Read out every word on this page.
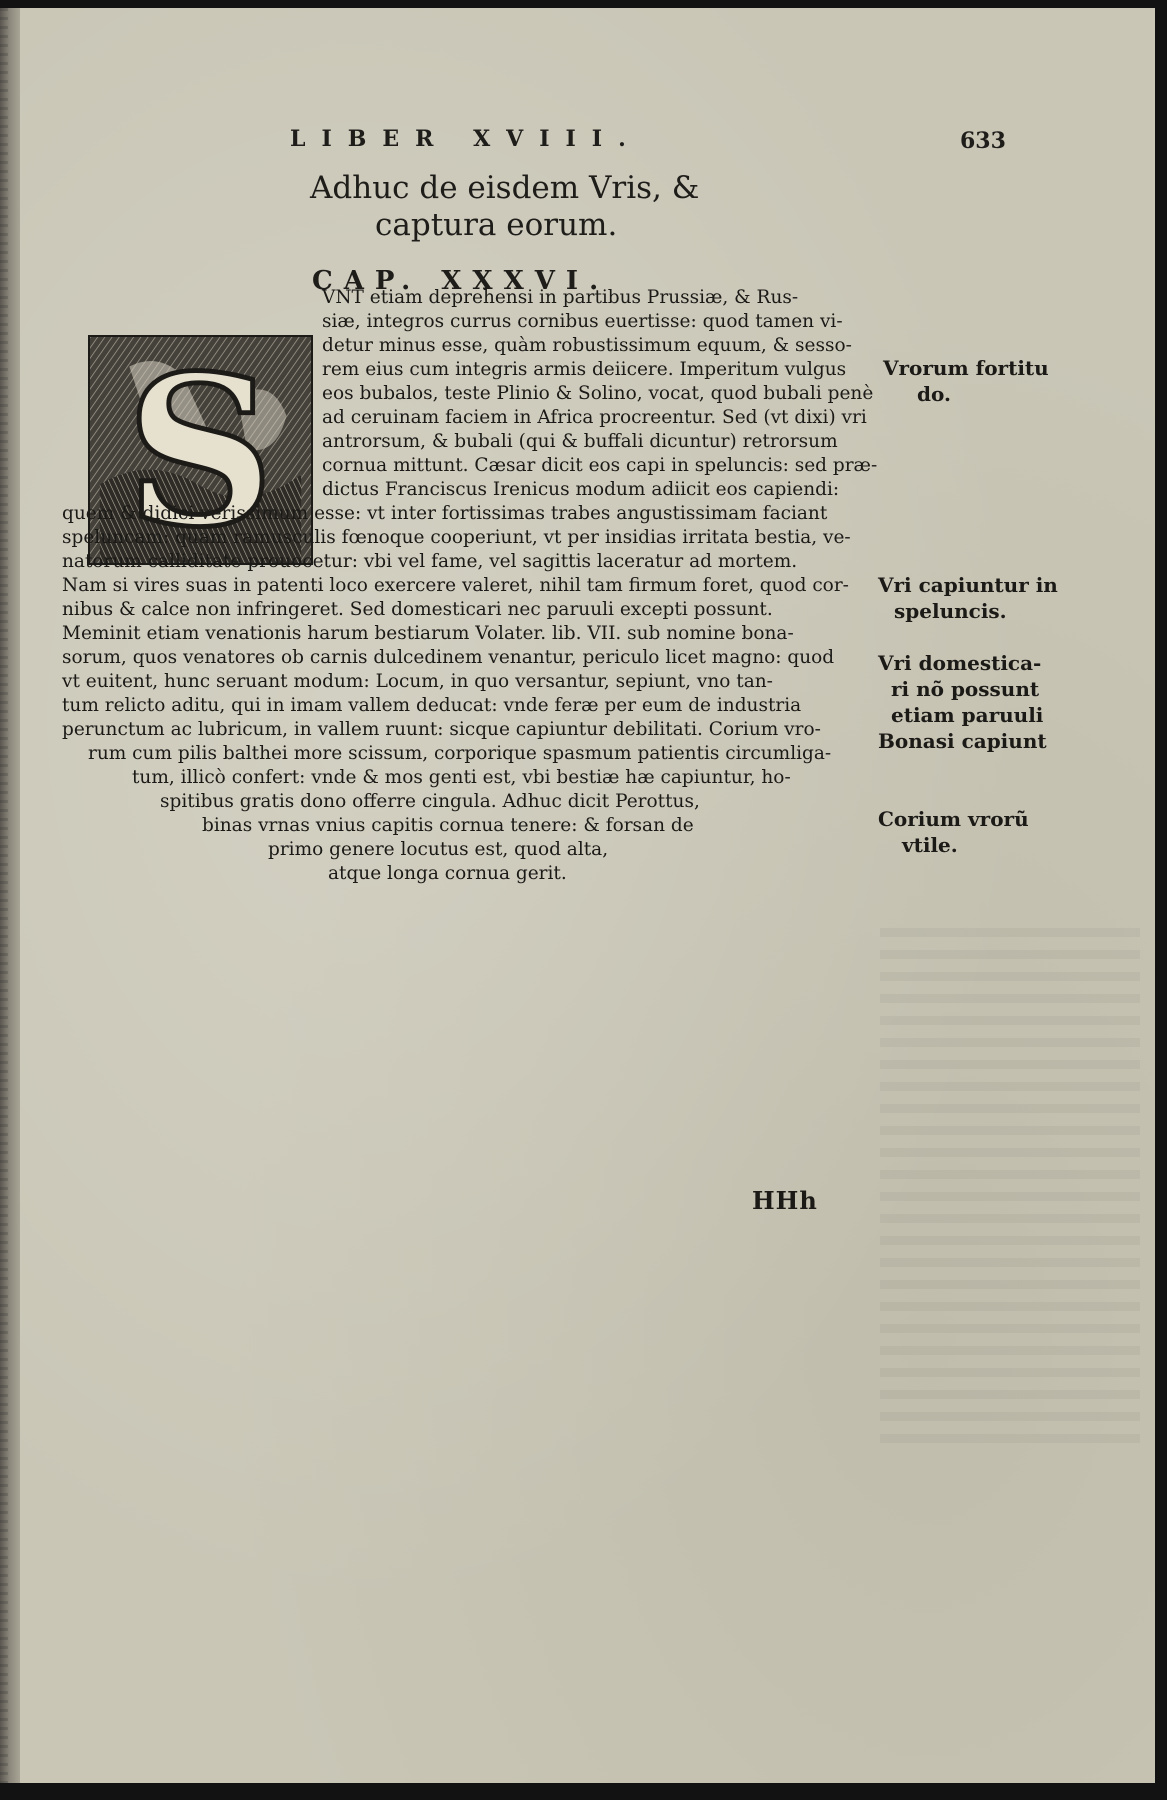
LIBER XVIII.	633
Adhuc de eisdem Vris, &
captura eorum.
CAP. XXXVI.
S
VNT etiam deprehensi in partibus Prussiæ, & Rus-
siæ, integros currus cornibus euertisse: quod tamen vi-
detur minus esse, quàm robustissimum equum, & sesso-
rem eius cum integris armis deiicere. Imperitum vulgus
eos bubalos, teste Plinio & Solino, vocat, quod bubali penè
ad ceruinam faciem in Africa procreentur. Sed (vt dixi) vri
antrorsum, & bubali (qui & buffali dicuntur) retrorsum
cornua mittunt. Cæsar dicit eos capi in speluncis: sed præ-
dictus Franciscus Irenicus modum adiicit eos capiendi:
quem & didici verissimum esse: vt inter fortissimas trabes angustissimam faciant
speluncam: quam ramusculis fœnoque cooperiunt, vt per insidias irritata bestia, ve-
natorum calliditate prouocetur: vbi vel fame, vel sagittis laceratur ad mortem.
Nam si vires suas in patenti loco exercere valeret, nihil tam firmum foret, quod cor-
nibus & calce non infringeret. Sed domesticari nec paruuli excepti possunt.
Meminit etiam venationis harum bestiarum Volater. lib. VII. sub nomine bona-
sorum, quos venatores ob carnis dulcedinem venantur, periculo licet magno: quod
vt euitent, hunc seruant modum: Locum, in quo versantur, sepiunt, vno tan-
tum relicto aditu, qui in imam vallem deducat: vnde feræ per eum de industria
perunctum ac lubricum, in vallem ruunt: sicque capiuntur debilitati. Corium vro-
rum cum pilis balthei more scissum, corporique spasmum patientis circumliga-
tum, illicò confert: vnde & mos genti est, vbi bestiæ hæ capiuntur, ho-
spitibus gratis dono offerre cingula. Adhuc dicit Perottus,
binas vrnas vnius capitis cornua tenere: & forsan de
primo genere locutus est, quod alta,
atque longa cornua gerit.
Vrorum fortitu
do.
Vri capiuntur in
speluncis.
Vri domestica-
ri nõ possunt
etiam paruuli
Bonasi capiunt
Corium vrorũ
vtile.
HHh
